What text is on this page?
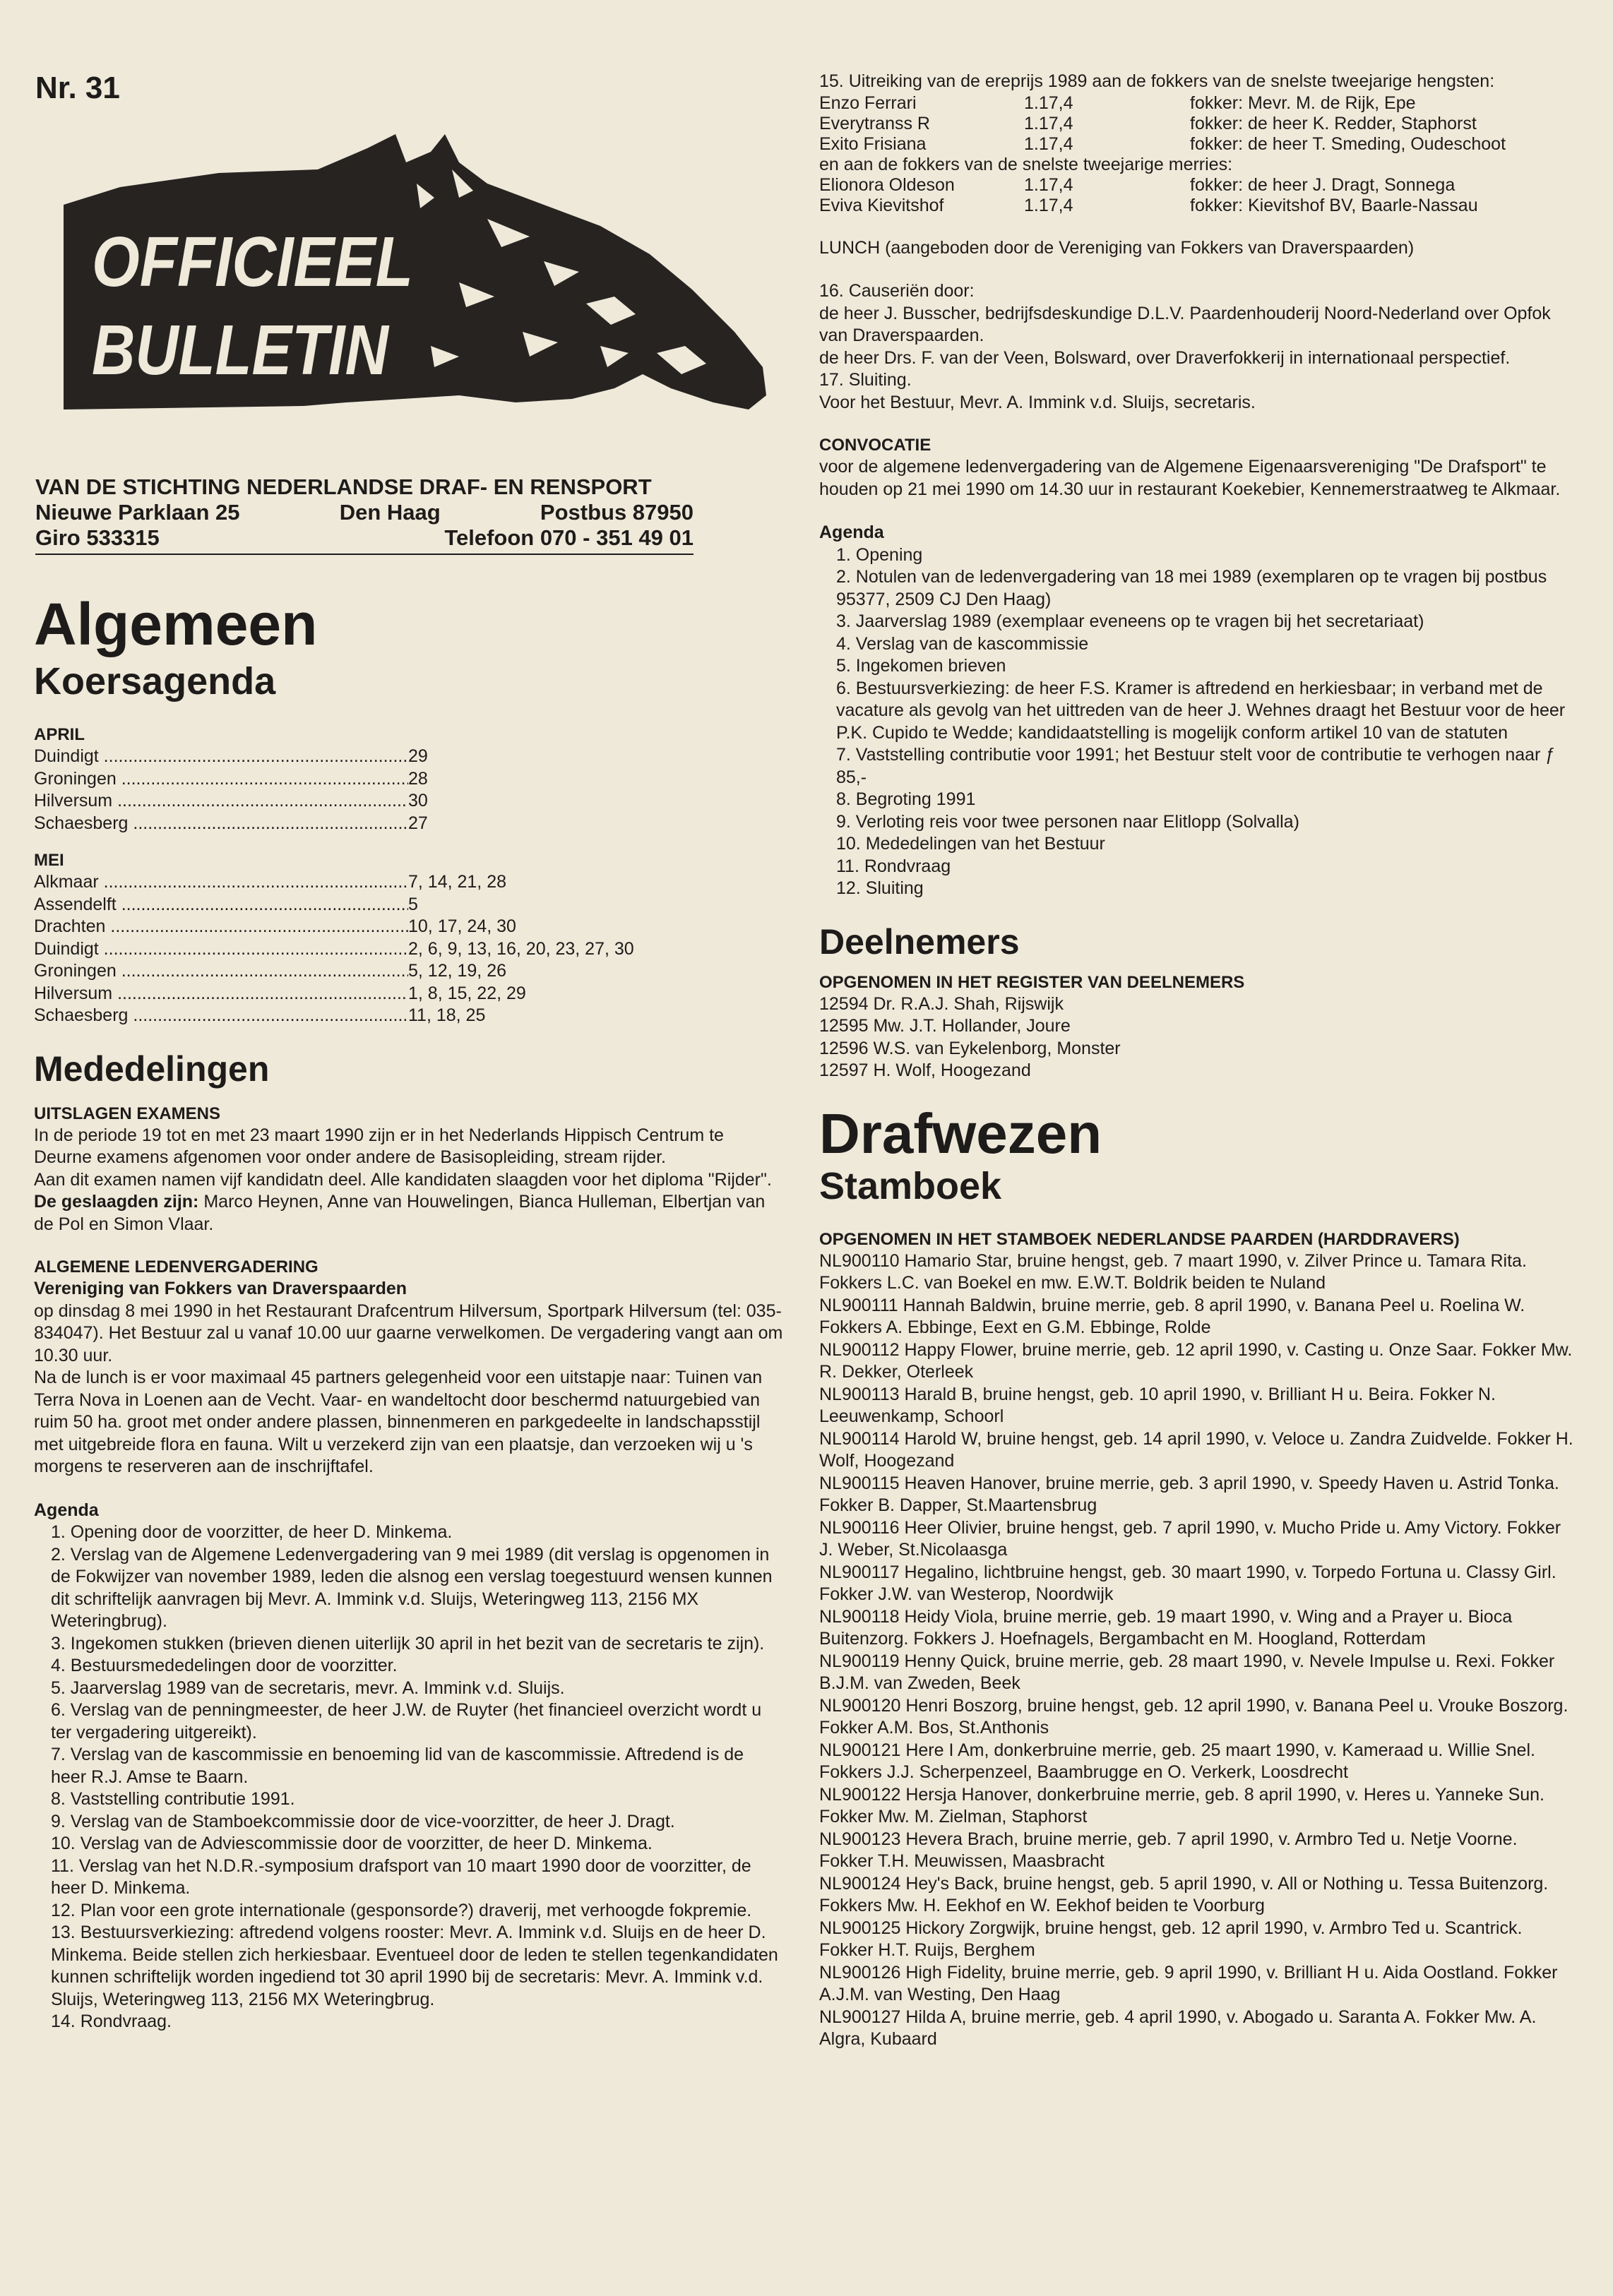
Nr. 31
OFFICIEEL
BULLETIN
VAN DE STICHTING NEDERLANDSE DRAF- EN RENSPORT
Nieuwe Parklaan 25	Den Haag	Postbus 87950
Giro 533315	Telefoon 070 - 351 49 01
Algemeen
Koersagenda
APRIL
Duindigt .....	29
Groningen .....	28
Hilversum .....	30
Schaesberg .....	27
MEI
Alkmaar .....	7, 14, 21, 28
Assendelft .....	5
Drachten .....	10, 17, 24, 30
Duindigt .....	2, 6, 9, 13, 16, 20, 23, 27, 30
Groningen .....	5, 12, 19, 26
Hilversum .....	1, 8, 15, 22, 29
Schaesberg .....	11, 18, 25
Mededelingen
UITSLAGEN EXAMENS

In de periode 19 tot en met 23 maart 1990 zijn er in het Nederlands Hippisch Centrum te Deurne examens afgenomen voor onder andere de Basisopleiding, stream rijder.

Aan dit examen namen vijf kandidatn deel. Alle kandidaten slaagden voor het diploma "Rijder".

De geslaagden zijn: Marco Heynen, Anne van Houwelingen, Bianca Hulleman, Elbertjan van de Pol en Simon Vlaar.

ALGEMENE LEDENVERGADERING
Vereniging van Fokkers van Draverspaarden

op dinsdag 8 mei 1990 in het Restaurant Drafcentrum Hilversum, Sportpark Hilversum (tel: 035-834047). Het Bestuur zal u vanaf 10.00 uur gaarne verwelkomen. De vergadering vangt aan om 10.30 uur.

Na de lunch is er voor maximaal 45 partners gelegenheid voor een uitstapje naar: Tuinen van Terra Nova in Loenen aan de Vecht. Vaar- en wandeltocht door beschermd natuurgebied van ruim 50 ha. groot met onder andere plassen, binnenmeren en parkgedeelte in landschapsstijl met uitgebreide flora en fauna. Wilt u verzekerd zijn van een plaatsje, dan verzoeken wij u 's morgens te reserveren aan de inschrijftafel.

Agenda
1. Opening door de voorzitter, de heer D. Minkema.
2. Verslag van de Algemene Ledenvergadering van 9 mei 1989 (dit verslag is opgenomen in de Fokwijzer van november 1989, leden die alsnog een verslag toegestuurd wensen kunnen dit schriftelijk aanvragen bij Mevr. A. Immink v.d. Sluijs, Weteringweg 113, 2156 MX Weteringbrug).
3. Ingekomen stukken (brieven dienen uiterlijk 30 april in het bezit van de secretaris te zijn).
4. Bestuursmededelingen door de voorzitter.
5. Jaarverslag 1989 van de secretaris, mevr. A. Immink v.d. Sluijs.
6. Verslag van de penningmeester, de heer J.W. de Ruyter (het financieel overzicht wordt u ter vergadering uitgereikt).
7. Verslag van de kascommissie en benoeming lid van de kascommissie. Aftredend is de heer R.J. Amse te Baarn.
8. Vaststelling contributie 1991.
9. Verslag van de Stamboekcommissie door de vice-voorzitter, de heer J. Dragt.
10. Verslag van de Adviescommissie door de voorzitter, de heer D. Minkema.
11. Verslag van het N.D.R.-symposium drafsport van 10 maart 1990 door de voorzitter, de heer D. Minkema.
12. Plan voor een grote internationale (gesponsorde?) draverij, met verhoogde fokpremie.
13. Bestuursverkiezing: aftredend volgens rooster: Mevr. A. Immink v.d. Sluijs en de heer D. Minkema. Beide stellen zich herkiesbaar. Eventueel door de leden te stellen tegenkandidaten kunnen schriftelijk worden ingediend tot 30 april 1990 bij de secretaris: Mevr. A. Immink v.d. Sluijs, Weteringweg 113, 2156 MX Weteringbrug.
14. Rondvraag.
15. Uitreiking van de ereprijs 1989 aan de fokkers van de snelste tweejarige hengsten:
Enzo Ferrari	1.17,4	fokker: Mevr. M. de Rijk, Epe
Everytranss R	1.17,4	fokker: de heer K. Redder, Staphorst
Exito Frisiana	1.17,4	fokker: de heer T. Smeding, Oudeschoot
en aan de fokkers van de snelste tweejarige merries:
Elionora Oldeson	1.17,4	fokker: de heer J. Dragt, Sonnega
Eviva Kievitshof	1.17,4	fokker: Kievitshof BV, Baarle-Nassau
LUNCH (aangeboden door de Vereniging van Fokkers van Draverspaarden)
16. Causeriën door:
de heer J. Busscher, bedrijfsdeskundige D.L.V. Paardenhouderij Noord-Nederland over Opfok van Draverspaarden.
de heer Drs. F. van der Veen, Bolsward, over Draverfokkerij in internationaal perspectief.
17. Sluiting.
Voor het Bestuur, Mevr. A. Immink v.d. Sluijs, secretaris.
CONVOCATIE
voor de algemene ledenvergadering van de Algemene Eigenaarsvereniging "De Drafsport" te houden op 21 mei 1990 om 14.30 uur in restaurant Koekebier, Kennemerstraatweg te Alkmaar.
Agenda
1. Opening
2. Notulen van de ledenvergadering van 18 mei 1989 (exemplaren op te vragen bij postbus 95377, 2509 CJ Den Haag)
3. Jaarverslag 1989 (exemplaar eveneens op te vragen bij het secretariaat)
4. Verslag van de kascommissie
5. Ingekomen brieven
6. Bestuursverkiezing: de heer F.S. Kramer is aftredend en herkiesbaar; in verband met de vacature als gevolg van het uittreden van de heer J. Wehnes draagt het Bestuur voor de heer P.K. Cupido te Wedde; kandidaatstelling is mogelijk conform artikel 10 van de statuten
7. Vaststelling contributie voor 1991; het Bestuur stelt voor de contributie te verhogen naar ƒ 85,-
8. Begroting 1991
9. Verloting reis voor twee personen naar Elitlopp (Solvalla)
10. Mededelingen van het Bestuur
11. Rondvraag
12. Sluiting
Deelnemers
OPGENOMEN IN HET REGISTER VAN DEELNEMERS
12594 Dr. R.A.J. Shah, Rijswijk
12595 Mw. J.T. Hollander, Joure
12596 W.S. van Eykelenborg, Monster
12597 H. Wolf, Hoogezand
Drafwezen
Stamboek
OPGENOMEN IN HET STAMBOEK NEDERLANDSE PAARDEN (HARDDRAVERS)
NL900110 Hamario Star, bruine hengst, geb. 7 maart 1990, v. Zilver Prince u. Tamara Rita. Fokkers L.C. van Boekel en mw. E.W.T. Boldrik beiden te Nuland
NL900111 Hannah Baldwin, bruine merrie, geb. 8 april 1990, v. Banana Peel u. Roelina W. Fokkers A. Ebbinge, Eext en G.M. Ebbinge, Rolde
NL900112 Happy Flower, bruine merrie, geb. 12 april 1990, v. Casting u. Onze Saar. Fokker Mw. R. Dekker, Oterleek
NL900113 Harald B, bruine hengst, geb. 10 april 1990, v. Brilliant H u. Beira. Fokker N. Leeuwenkamp, Schoorl
NL900114 Harold W, bruine hengst, geb. 14 april 1990, v. Veloce u. Zandra Zuidvelde. Fokker H. Wolf, Hoogezand
NL900115 Heaven Hanover, bruine merrie, geb. 3 april 1990, v. Speedy Haven u. Astrid Tonka. Fokker B. Dapper, St.Maartensbrug
NL900116 Heer Olivier, bruine hengst, geb. 7 april 1990, v. Mucho Pride u. Amy Victory. Fokker J. Weber, St.Nicolaasga
NL900117 Hegalino, lichtbruine hengst, geb. 30 maart 1990, v. Torpedo Fortuna u. Classy Girl. Fokker J.W. van Westerop, Noordwijk
NL900118 Heidy Viola, bruine merrie, geb. 19 maart 1990, v. Wing and a Prayer u. Bioca Buitenzorg. Fokkers J. Hoefnagels, Bergambacht en M. Hoogland, Rotterdam
NL900119 Henny Quick, bruine merrie, geb. 28 maart 1990, v. Nevele Impulse u. Rexi. Fokker B.J.M. van Zweden, Beek
NL900120 Henri Boszorg, bruine hengst, geb. 12 april 1990, v. Banana Peel u. Vrouke Boszorg. Fokker A.M. Bos, St.Anthonis
NL900121 Here I Am, donkerbruine merrie, geb. 25 maart 1990, v. Kameraad u. Willie Snel. Fokkers J.J. Scherpenzeel, Baambrugge en O. Verkerk, Loosdrecht
NL900122 Hersja Hanover, donkerbruine merrie, geb. 8 april 1990, v. Heres u. Yanneke Sun. Fokker Mw. M. Zielman, Staphorst
NL900123 Hevera Brach, bruine merrie, geb. 7 april 1990, v. Armbro Ted u. Netje Voorne. Fokker T.H. Meuwissen, Maasbracht
NL900124 Hey's Back, bruine hengst, geb. 5 april 1990, v. All or Nothing u. Tessa Buitenzorg. Fokkers Mw. H. Eekhof en W. Eekhof beiden te Voorburg
NL900125 Hickory Zorgwijk, bruine hengst, geb. 12 april 1990, v. Armbro Ted u. Scantrick. Fokker H.T. Ruijs, Berghem
NL900126 High Fidelity, bruine merrie, geb. 9 april 1990, v. Brilliant H u. Aida Oostland. Fokker A.J.M. van Westing, Den Haag
NL900127 Hilda A, bruine merrie, geb. 4 april 1990, v. Abogado u. Saranta A. Fokker Mw. A. Algra, Kubaard
